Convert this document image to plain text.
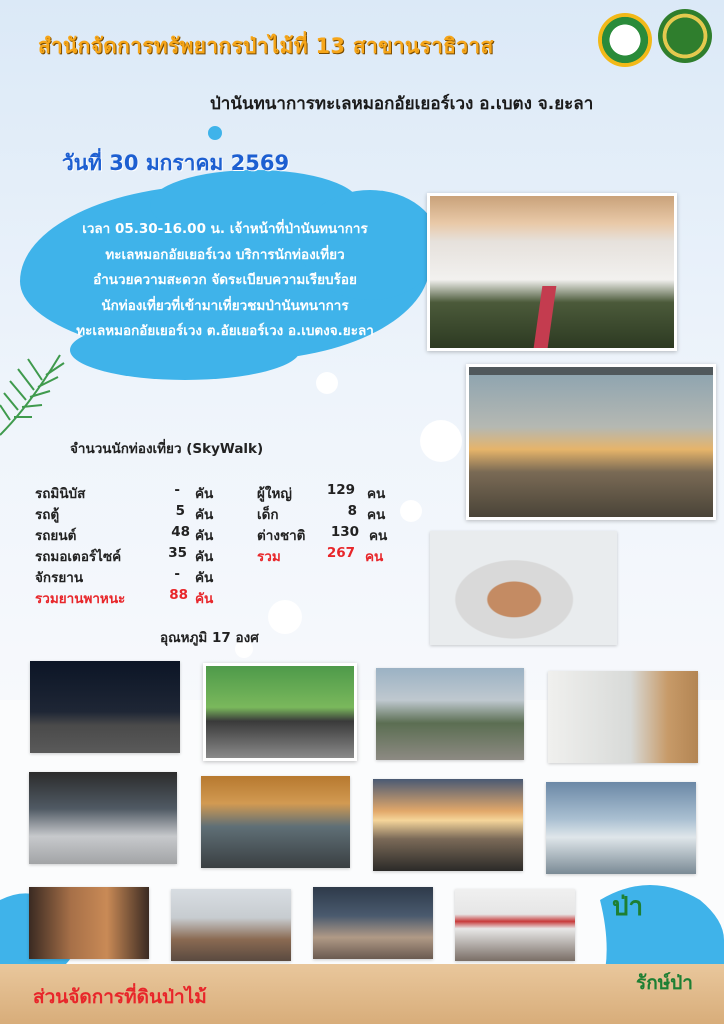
สำนักจัดการทรัพยากรป่าไม้ที่ 13 สาขานราธิวาส
ป่านันทนาการทะเลหมอกอัยเยอร์เวง อ.เบตง จ.ยะลา
วันที่ 30 มกราคม 2569
เวลา 05.30-16.00 น. เจ้าหน้าที่ป่านันทนาการ
ทะเลหมอกอัยเยอร์เวง บริการนักท่องเที่ยว
อำนวยความสะดวก จัดระเบียบความเรียบร้อย
นักท่องเที่ยวที่เข้ามาเที่ยวชมป่านันทนาการ
ทะเลหมอกอัยเยอร์เวง ต.อัยเยอร์เวง อ.เบตงจ.ยะลา
จำนวนนักท่องเที่ยว (SkyWalk)
รถมินิบัส	- คัน
รถตู้	5 คัน
รถยนต์	48 คัน
รถมอเตอร์ไซค์	35 คัน
จักรยาน	- คัน
รวมยานพาหนะ	88 คัน
ผู้ใหญ่	129 คน
เด็ก	8 คน
ต่างชาติ	130 คน
รวม	267 คน
อุณหภูมิ 17 องศ
ส่วนจัดการที่ดินป่าไม้
ป่า
รักษ์ป่า
